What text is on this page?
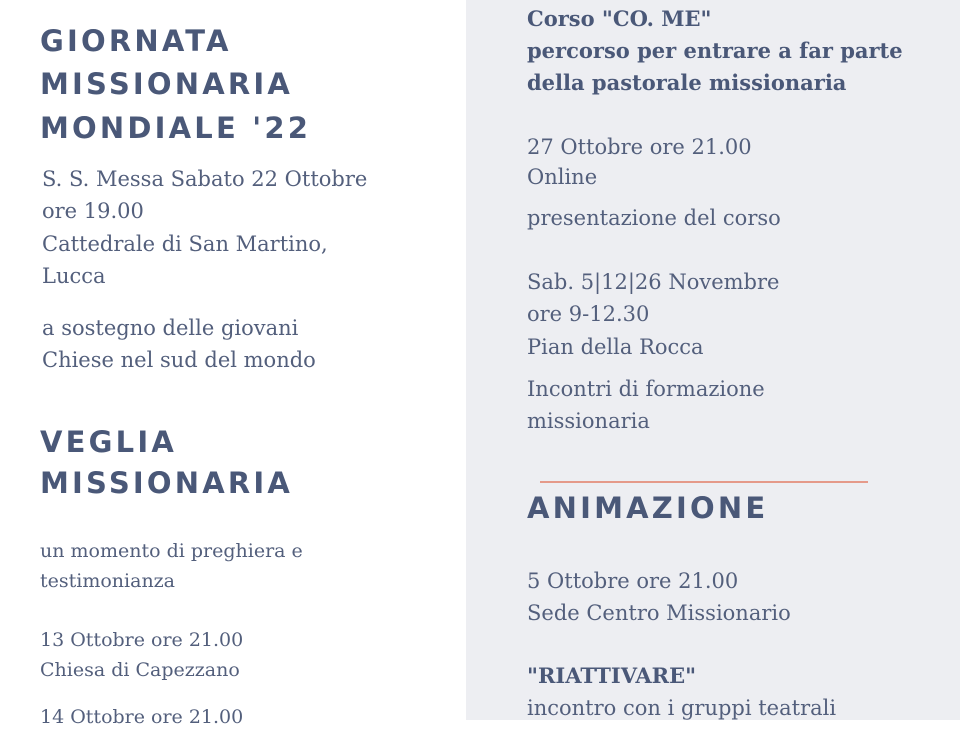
GIORNATA
MISSIONARIA
MONDIALE '22
S. S. Messa Sabato 22 Ottobre
ore 19.00
Cattedrale di San Martino,
Lucca
a sostegno delle giovani
Chiese nel sud del mondo
VEGLIA
MISSIONARIA
un momento di preghiera e
testimonianza
13 Ottobre ore 21.00
Chiesa di Capezzano
14 Ottobre ore 21.00
Corso "CO. ME"
percorso per entrare a far parte
della pastorale missionaria
27 Ottobre ore 21.00
Online
presentazione del corso
Sab. 5|12|26 Novembre
ore 9-12.30
Pian della Rocca
Incontri di formazione
missionaria
ANIMAZIONE
5 Ottobre ore 21.00
Sede Centro Missionario
"RIATTIVARE"
incontro con i gruppi teatrali
